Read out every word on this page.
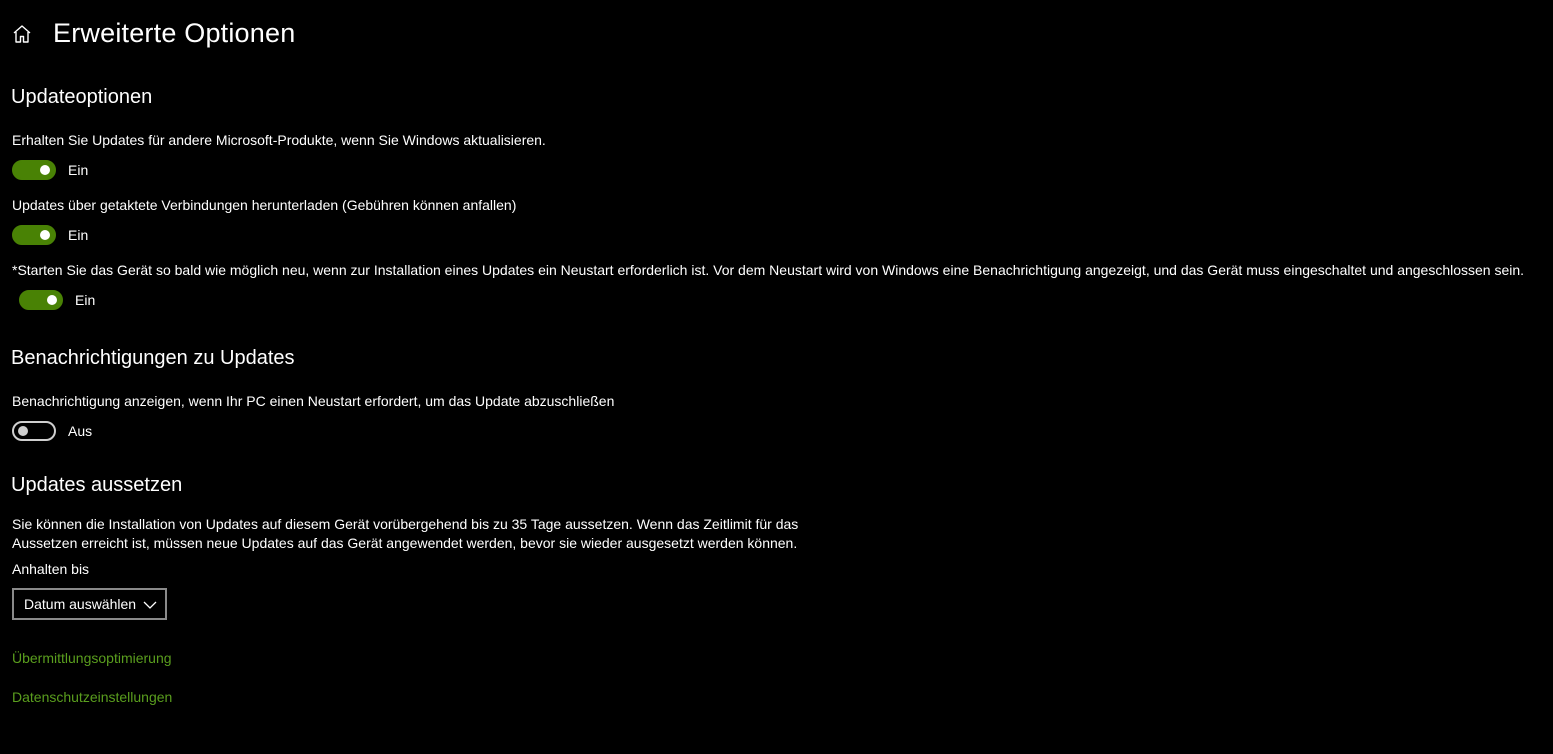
Erweiterte Optionen
Updateoptionen
Erhalten Sie Updates für andere Microsoft-Produkte, wenn Sie Windows aktualisieren.
Ein
Updates über getaktete Verbindungen herunterladen (Gebühren können anfallen)
Ein
*Starten Sie das Gerät so bald wie möglich neu, wenn zur Installation eines Updates ein Neustart erforderlich ist. Vor dem Neustart wird von Windows eine Benachrichtigung angezeigt, und das Gerät muss eingeschaltet und angeschlossen sein.
Ein
Benachrichtigungen zu Updates
Benachrichtigung anzeigen, wenn Ihr PC einen Neustart erfordert, um das Update abzuschließen
Aus
Updates aussetzen
Sie können die Installation von Updates auf diesem Gerät vorübergehend bis zu 35 Tage aussetzen. Wenn das Zeitlimit für das Aussetzen erreicht ist, müssen neue Updates auf das Gerät angewendet werden, bevor sie wieder ausgesetzt werden können.
Anhalten bis
Datum auswählen
Übermittlungsoptimierung
Datenschutzeinstellungen
